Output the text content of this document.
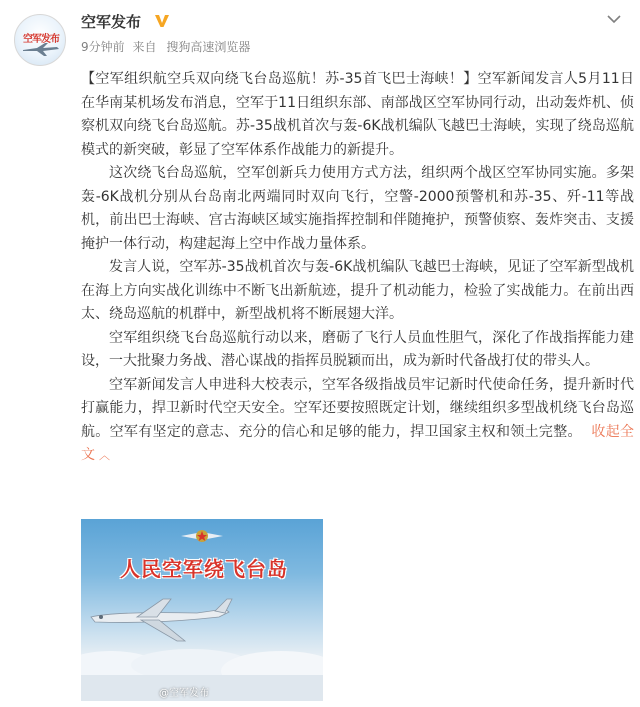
空军发布
空军发布
9分钟前 来自 搜狗高速浏览器

【空军组织航空兵双向绕飞台岛巡航！苏-35首飞巴士海峡！】空军新闻发言人5月11日在华南某机场发布消息，空军于11日组织东部、南部战区空军协同行动，出动轰炸机、侦察机双向绕飞台岛巡航。苏-35战机首次与轰-6K战机编队飞越巴士海峡，实现了绕岛巡航模式的新突破，彰显了空军体系作战能力的新提升。

这次绕飞台岛巡航，空军创新兵力使用方式方法，组织两个战区空军协同实施。多架轰-6K战机分别从台岛南北两端同时双向飞行，空警-2000预警机和苏-35、歼-11等战机，前出巴士海峡、宫古海峡区域实施指挥控制和伴随掩护，预警侦察、轰炸突击、支援掩护一体行动，构建起海上空中作战力量体系。

发言人说，空军苏-35战机首次与轰-6K战机编队飞越巴士海峡，见证了空军新型战机在海上方向实战化训练中不断飞出新航迹，提升了机动能力，检验了实战能力。在前出西太、绕岛巡航的机群中，新型战机将不断展翅大洋。

空军组织绕飞台岛巡航行动以来，磨砺了飞行人员血性胆气，深化了作战指挥能力建设，一大批聚力务战、潜心谋战的指挥员脱颖而出，成为新时代备战打仗的带头人。

空军新闻发言人申进科大校表示，空军各级指战员牢记新时代使命任务，提升新时代打赢能力，捍卫新时代空天安全。空军还要按照既定计划，继续组织多型战机绕飞台岛巡航。空军有坚定的意志、充分的信心和足够的能力，捍卫国家主权和领土完整。 收起全文 ︿

人民空军绕飞台岛
@空军发布
